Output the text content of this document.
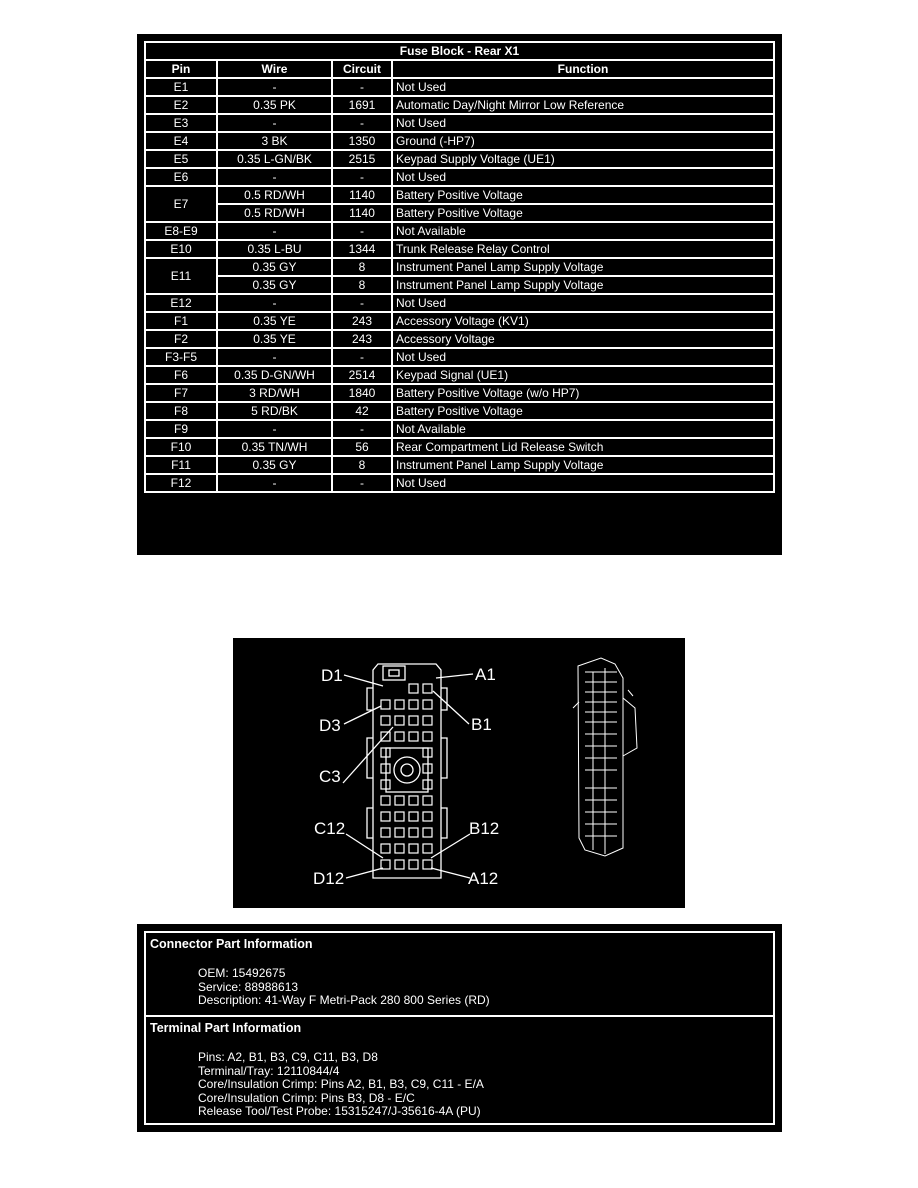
Fuse Block - Rear X1			
Pin	Wire	Circuit	Function
E1	-	-	Not Used
E2	0.35 PK	1691	Automatic Day/Night Mirror Low Reference
E3	-	-	Not Used
E4	3 BK	1350	Ground (-HP7)
E5	0.35 L-GN/BK	2515	Keypad Supply Voltage (UE1)
E6	-	-	Not Used
E7	0.5 RD/WH	1140	Battery Positive Voltage
	0.5 RD/WH	1140	Battery Positive Voltage
E8-E9	-	-	Not Available
E10	0.35 L-BU	1344	Trunk Release Relay Control
E11	0.35 GY	8	Instrument Panel Lamp Supply Voltage
	0.35 GY	8	Instrument Panel Lamp Supply Voltage
E12	-	-	Not Used
F1	0.35 YE	243	Accessory Voltage (KV1)
F2	0.35 YE	243	Accessory Voltage
F3-F5	-	-	Not Used
F6	0.35 D-GN/WH	2514	Keypad Signal (UE1)
F7	3 RD/WH	1840	Battery Positive Voltage (w/o HP7)
F8	5 RD/BK	42	Battery Positive Voltage
F9	-	-	Not Available
F10	0.35 TN/WH	56	Rear Compartment Lid Release Switch
F11	0.35 GY	8	Instrument Panel Lamp Supply Voltage
F12	-	-	Not Used
D1	A1
D3	B1
C3
C12	B12
D12	A12
Connector Part Information
OEM: 15492675
Service: 88988613
Description: 41-Way F Metri-Pack 280 800 Series (RD)
Terminal Part Information
Pins: A2, B1, B3, C9, C11, B3, D8
Terminal/Tray: 12110844/4
Core/Insulation Crimp: Pins A2, B1, B3, C9, C11 - E/A
Core/Insulation Crimp: Pins B3, D8 - E/C
Release Tool/Test Probe: 15315247/J-35616-4A (PU)
